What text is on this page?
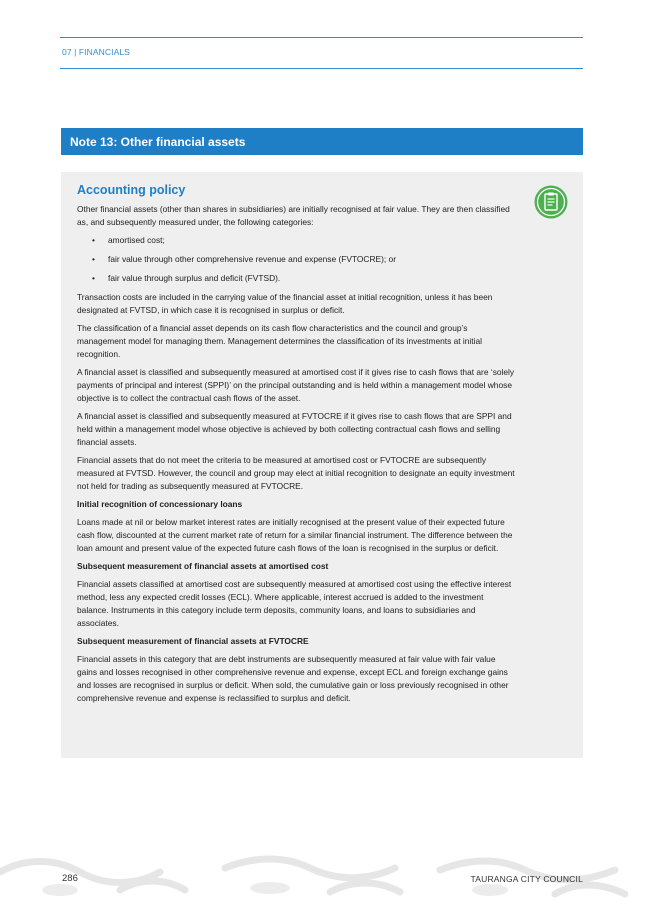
07 | FINANCIALS
Note 13: Other financial assets
Accounting policy

Other financial assets (other than shares in subsidiaries) are initially recognised at fair value. They are then classified as, and subsequently measured under, the following categories:

• amortised cost;
• fair value through other comprehensive revenue and expense (FVTOCRE); or
• fair value through surplus and deficit (FVTSD).

Transaction costs are included in the carrying value of the financial asset at initial recognition, unless it has been designated at FVTSD, in which case it is recognised in surplus or deficit.

The classification of a financial asset depends on its cash flow characteristics and the council and group’s management model for managing them. Management determines the classification of its investments at initial recognition.

A financial asset is classified and subsequently measured at amortised cost if it gives rise to cash flows that are ‘solely payments of principal and interest (SPPI)’ on the principal outstanding and is held within a management model whose objective is to collect the contractual cash flows of the asset.

A financial asset is classified and subsequently measured at FVTOCRE if it gives rise to cash flows that are SPPI and held within a management model whose objective is achieved by both collecting contractual cash flows and selling financial assets.

Financial assets that do not meet the criteria to be measured at amortised cost or FVTOCRE are subsequently measured at FVTSD. However, the council and group may elect at initial recognition to designate an equity investment not held for trading as subsequently measured at FVTOCRE.

Initial recognition of concessionary loans

Loans made at nil or below market interest rates are initially recognised at the present value of their expected future cash flow, discounted at the current market rate of return for a similar financial instrument. The difference between the loan amount and present value of the expected future cash flows of the loan is recognised in the surplus or deficit.

Subsequent measurement of financial assets at amortised cost

Financial assets classified at amortised cost are subsequently measured at amortised cost using the effective interest method, less any expected credit losses (ECL). Where applicable, interest accrued is added to the investment balance. Instruments in this category include term deposits, community loans, and loans to subsidiaries and associates.

Subsequent measurement of financial assets at FVTOCRE

Financial assets in this category that are debt instruments are subsequently measured at fair value with fair value gains and losses recognised in other comprehensive revenue and expense, except ECL and foreign exchange gains and losses are recognised in surplus or deficit. When sold, the cumulative gain or loss previously recognised in other comprehensive revenue and expense is reclassified to surplus and deficit.

286	TAURANGA CITY COUNCIL
